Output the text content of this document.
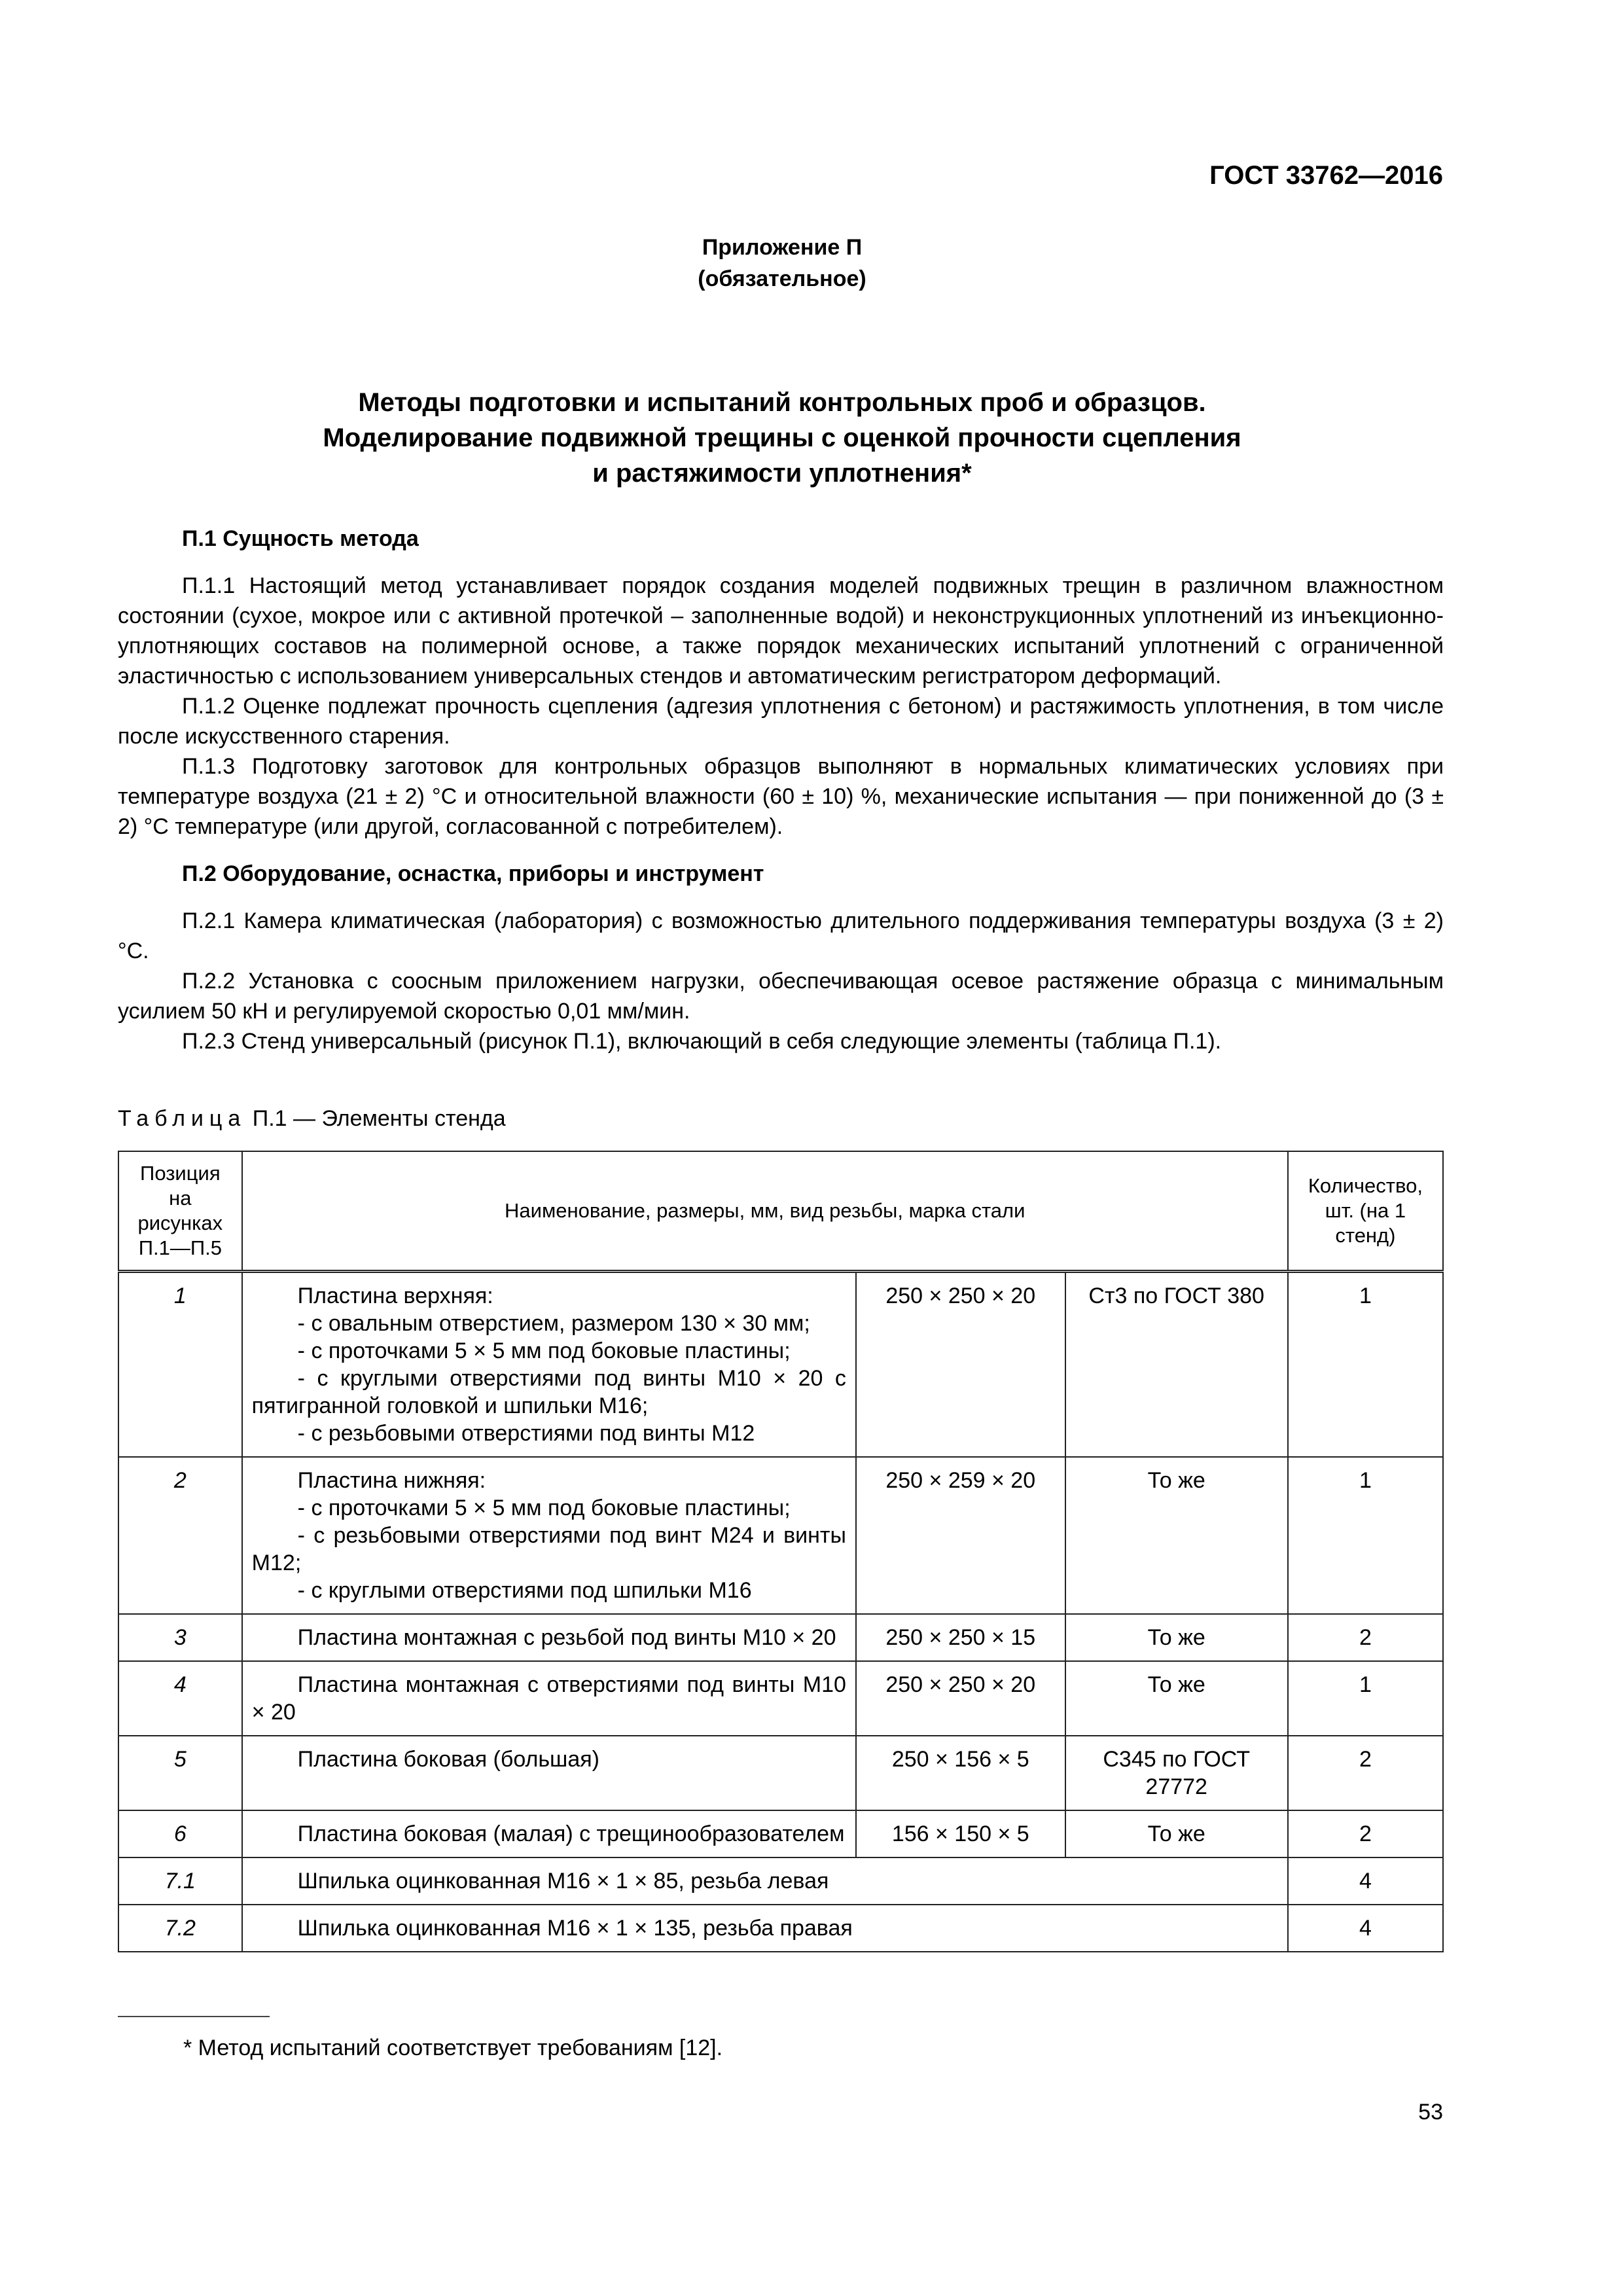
ГОСТ 33762—2016

Приложение П
(обязательное)
Методы подготовки и испытаний контрольных проб и образцов.
Моделирование подвижной трещины с оценкой прочности сцепления
и растяжимости уплотнения*

П.1 Сущность метода

П.1.1 Настоящий метод устанавливает порядок создания моделей подвижных трещин в различном влажностном состоянии (сухое, мокрое или с активной протечкой – заполненные водой) и неконструкционных уплотнений из инъекционно-уплотняющих составов на полимерной основе, а также порядок механических испытаний уплотнений с ограниченной эластичностью с использованием универсальных стендов и автоматическим регистратором деформаций.

П.1.2 Оценке подлежат прочность сцепления (адгезия уплотнения с бетоном) и растяжимость уплотнения, в том числе после искусственного старения.

П.1.3 Подготовку заготовок для контрольных образцов выполняют в нормальных климатических условиях при температуре воздуха (21 ± 2) °С и относительной влажности (60 ± 10) %, механические испытания — при пониженной до (3 ± 2) °С температуре (или другой, согласованной с потребителем).

П.2 Оборудование, оснастка, приборы и инструмент

П.2.1 Камера климатическая (лаборатория) с возможностью длительного поддерживания температуры воздуха (3 ± 2) °С.

П.2.2 Установка с соосным приложением нагрузки, обеспечивающая осевое растяжение образца с минимальным усилием 50 кН и регулируемой скоростью 0,01 мм/мин.

П.2.3 Стенд универсальный (рисунок П.1), включающий в себя следующие элементы (таблица П.1).

Таблица П.1 — Элементы стенда
Позиция на рисунках П.1—П.5	Наименование, размеры, мм, вид резьбы, марка стали			Количество, шт. (на 1 стенд)
1	Пластина верхняя:
- с овальным отверстием, размером 130 × 30 мм;
- с проточками 5 × 5 мм под боковые пластины;
- с круглыми отверстиями под винты М10 × 20 с пятигранной головкой и шпильки М16;
- с резьбовыми отверстиями под винты М12	250 × 250 × 20	Ст3 по ГОСТ 380	1
2	Пластина нижняя:
- с проточками 5 × 5 мм под боковые пластины;
- с резьбовыми отверстиями под винт М24 и винты М12;
- с круглыми отверстиями под шпильки М16	250 × 259 × 20	То же	1
3	Пластина монтажная с резьбой под винты М10 × 20	250 × 250 × 15	То же	2
4	Пластина монтажная с отверстиями под винты М10 × 20	250 × 250 × 20	То же	1
5	Пластина боковая (большая)	250 × 156 × 5	С345 по ГОСТ 27772	2
6	Пластина боковая (малая) с трещинообразователем	156 × 150 × 5	То же	2
7.1	Шпилька оцинкованная М16 × 1 × 85, резьба левая			4
7.2	Шпилька оцинкованная М16 × 1 × 135, резьба правая			4

* Метод испытаний соответствует требованиям [12].

53
